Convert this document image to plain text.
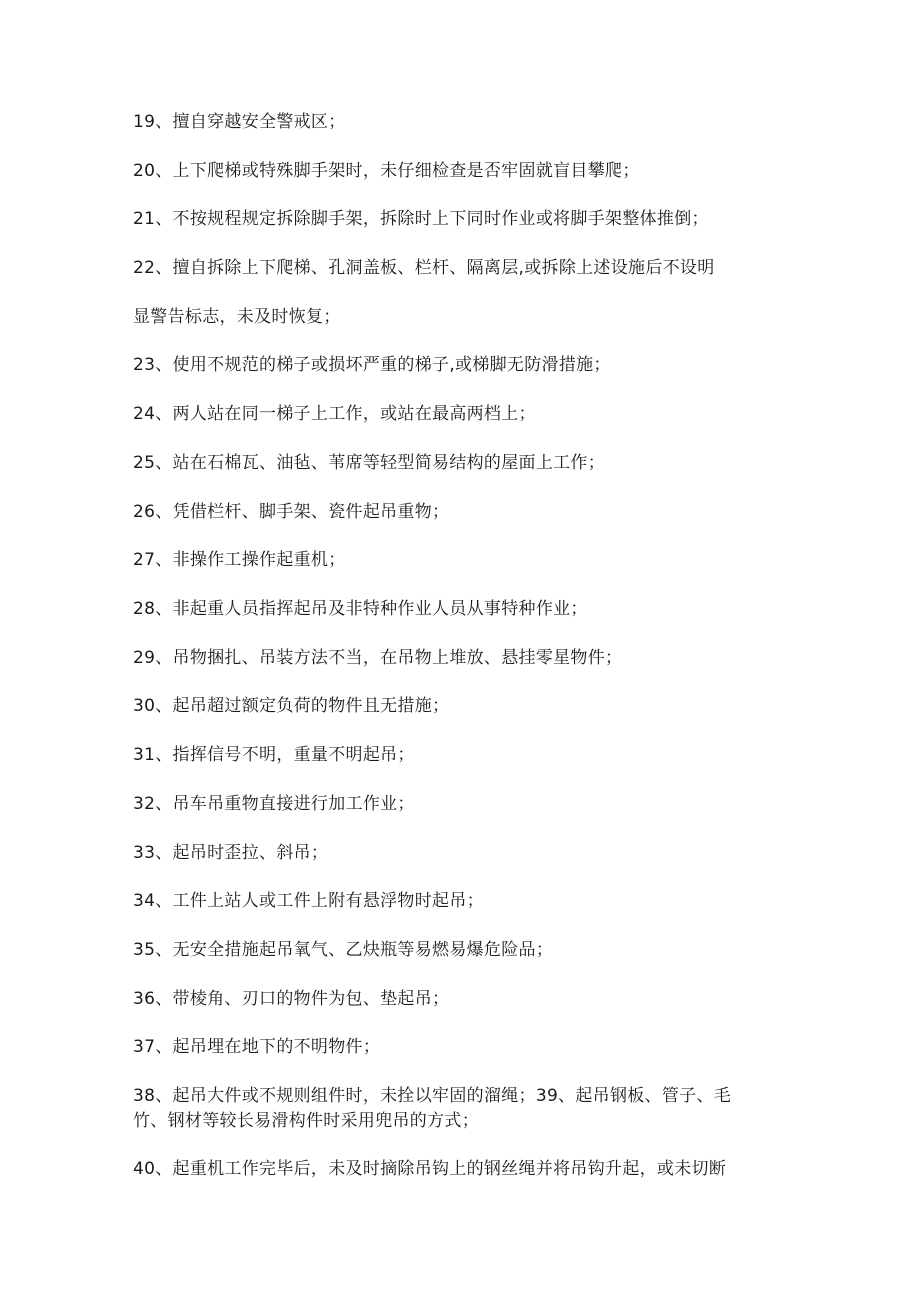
19、擅自穿越安全警戒区；
20、上下爬梯或特殊脚手架时，未仔细检查是否牢固就盲目攀爬；
21、不按规程规定拆除脚手架，拆除时上下同时作业或将脚手架整体推倒；
22、擅自拆除上下爬梯、孔洞盖板、栏杆、隔离层,或拆除上述设施后不设明
显警告标志，未及时恢复；
23、使用不规范的梯子或损坏严重的梯子,或梯脚无防滑措施；
24、两人站在同一梯子上工作，或站在最高两档上；
25、站在石棉瓦、油毡、苇席等轻型简易结构的屋面上工作；
26、凭借栏杆、脚手架、瓷件起吊重物；
27、非操作工操作起重机；
28、非起重人员指挥起吊及非特种作业人员从事特种作业；
29、吊物捆扎、吊装方法不当，在吊物上堆放、悬挂零星物件；
30、起吊超过额定负荷的物件且无措施；
31、指挥信号不明，重量不明起吊；
32、吊车吊重物直接进行加工作业；
33、起吊时歪拉、斜吊；
34、工件上站人或工件上附有悬浮物时起吊；
35、无安全措施起吊氧气、乙炔瓶等易燃易爆危险品；
36、带棱角、刃口的物件为包、垫起吊；
37、起吊埋在地下的不明物件；
38、起吊大件或不规则组件时，未拴以牢固的溜绳；39、起吊钢板、管子、毛
竹、钢材等较长易滑构件时采用兜吊的方式；
40、起重机工作完毕后，未及时摘除吊钩上的钢丝绳并将吊钩升起，或未切断
